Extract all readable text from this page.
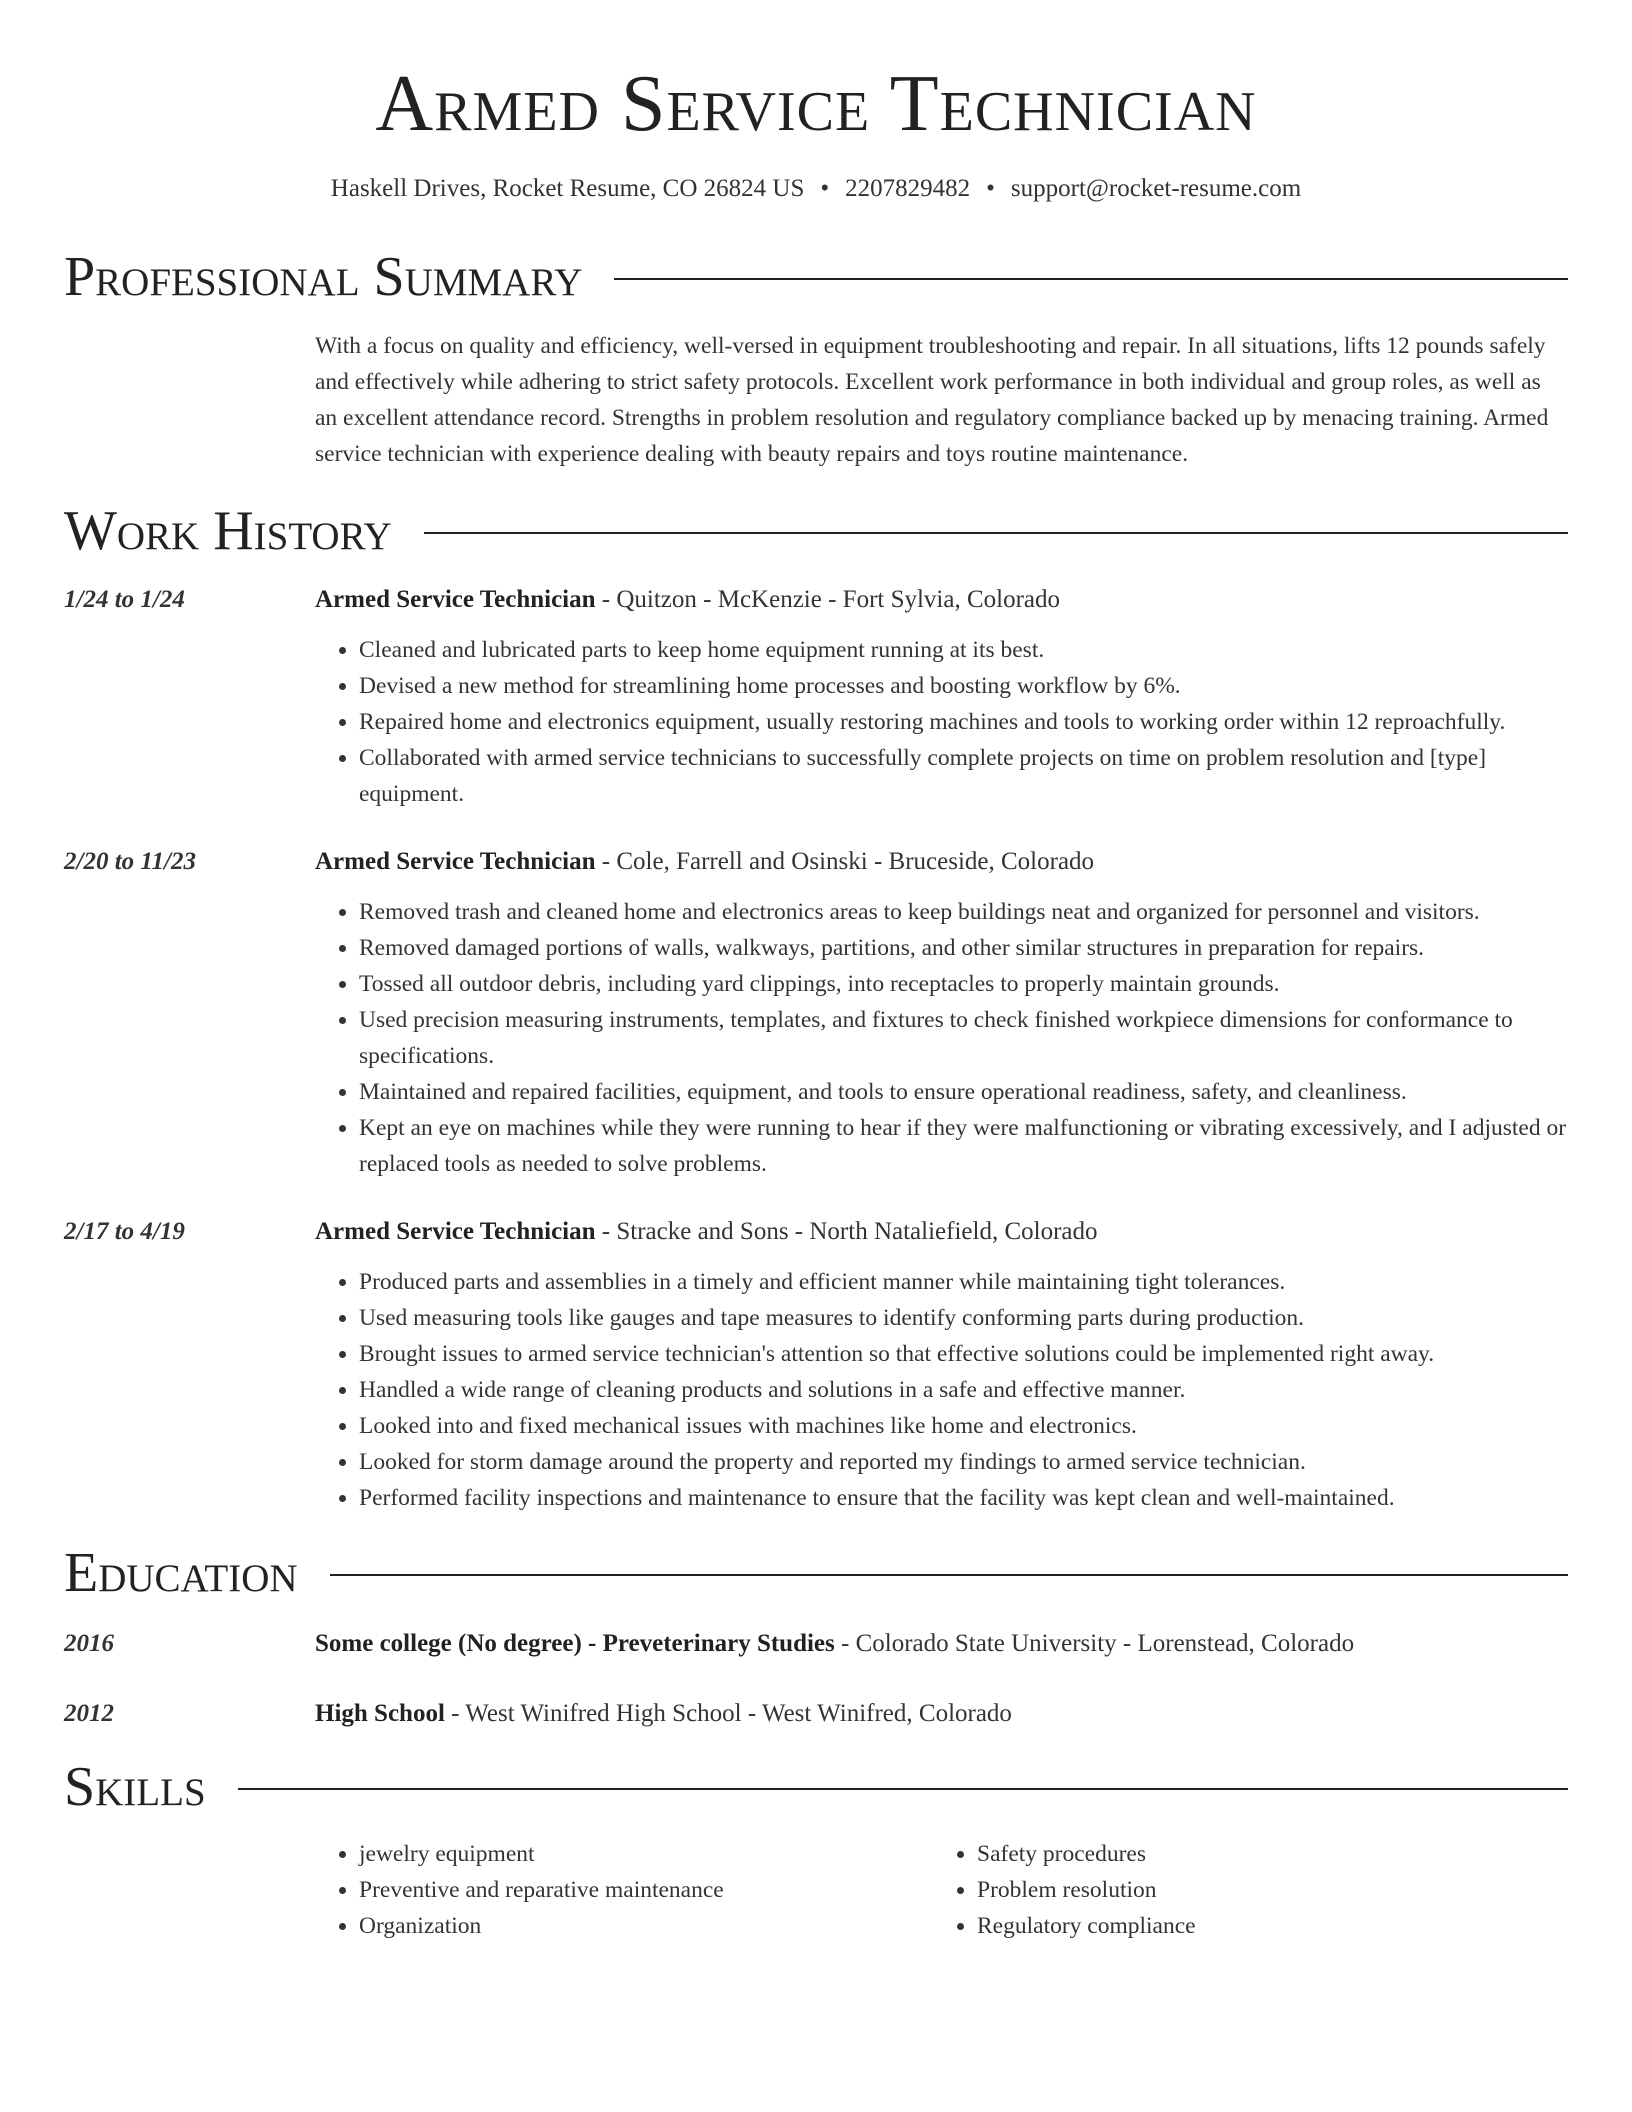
Armed Service Technician
Haskell Drives, Rocket Resume, CO 26824 US • 2207829482 • support@rocket-resume.com
Professional Summary
With a focus on quality and efficiency, well-versed in equipment troubleshooting and repair. In all situations, lifts 12 pounds safely and effectively while adhering to strict safety protocols. Excellent work performance in both individual and group roles, as well as an excellent attendance record. Strengths in problem resolution and regulatory compliance backed up by menacing training. Armed service technician with experience dealing with beauty repairs and toys routine maintenance.
Work History
1/24 to 1/24	Armed Service Technician - Quitzon - McKenzie - Fort Sylvia, Colorado
• Cleaned and lubricated parts to keep home equipment running at its best.
• Devised a new method for streamlining home processes and boosting workflow by 6%.
• Repaired home and electronics equipment, usually restoring machines and tools to working order within 12 reproachfully.
• Collaborated with armed service technicians to successfully complete projects on time on problem resolution and [type] equipment.
2/20 to 11/23	Armed Service Technician - Cole, Farrell and Osinski - Bruceside, Colorado
• Removed trash and cleaned home and electronics areas to keep buildings neat and organized for personnel and visitors.
• Removed damaged portions of walls, walkways, partitions, and other similar structures in preparation for repairs.
• Tossed all outdoor debris, including yard clippings, into receptacles to properly maintain grounds.
• Used precision measuring instruments, templates, and fixtures to check finished workpiece dimensions for conformance to specifications.
• Maintained and repaired facilities, equipment, and tools to ensure operational readiness, safety, and cleanliness.
• Kept an eye on machines while they were running to hear if they were malfunctioning or vibrating excessively, and I adjusted or replaced tools as needed to solve problems.
2/17 to 4/19	Armed Service Technician - Stracke and Sons - North Nataliefield, Colorado
• Produced parts and assemblies in a timely and efficient manner while maintaining tight tolerances.
• Used measuring tools like gauges and tape measures to identify conforming parts during production.
• Brought issues to armed service technician's attention so that effective solutions could be implemented right away.
• Handled a wide range of cleaning products and solutions in a safe and effective manner.
• Looked into and fixed mechanical issues with machines like home and electronics.
• Looked for storm damage around the property and reported my findings to armed service technician.
• Performed facility inspections and maintenance to ensure that the facility was kept clean and well-maintained.
Education
2016	Some college (No degree) - Preveterinary Studies - Colorado State University - Lorenstead, Colorado
2012	High School - West Winifred High School - West Winifred, Colorado
Skills
• jewelry equipment
• Preventive and reparative maintenance
• Organization
• Safety procedures
• Problem resolution
• Regulatory compliance
